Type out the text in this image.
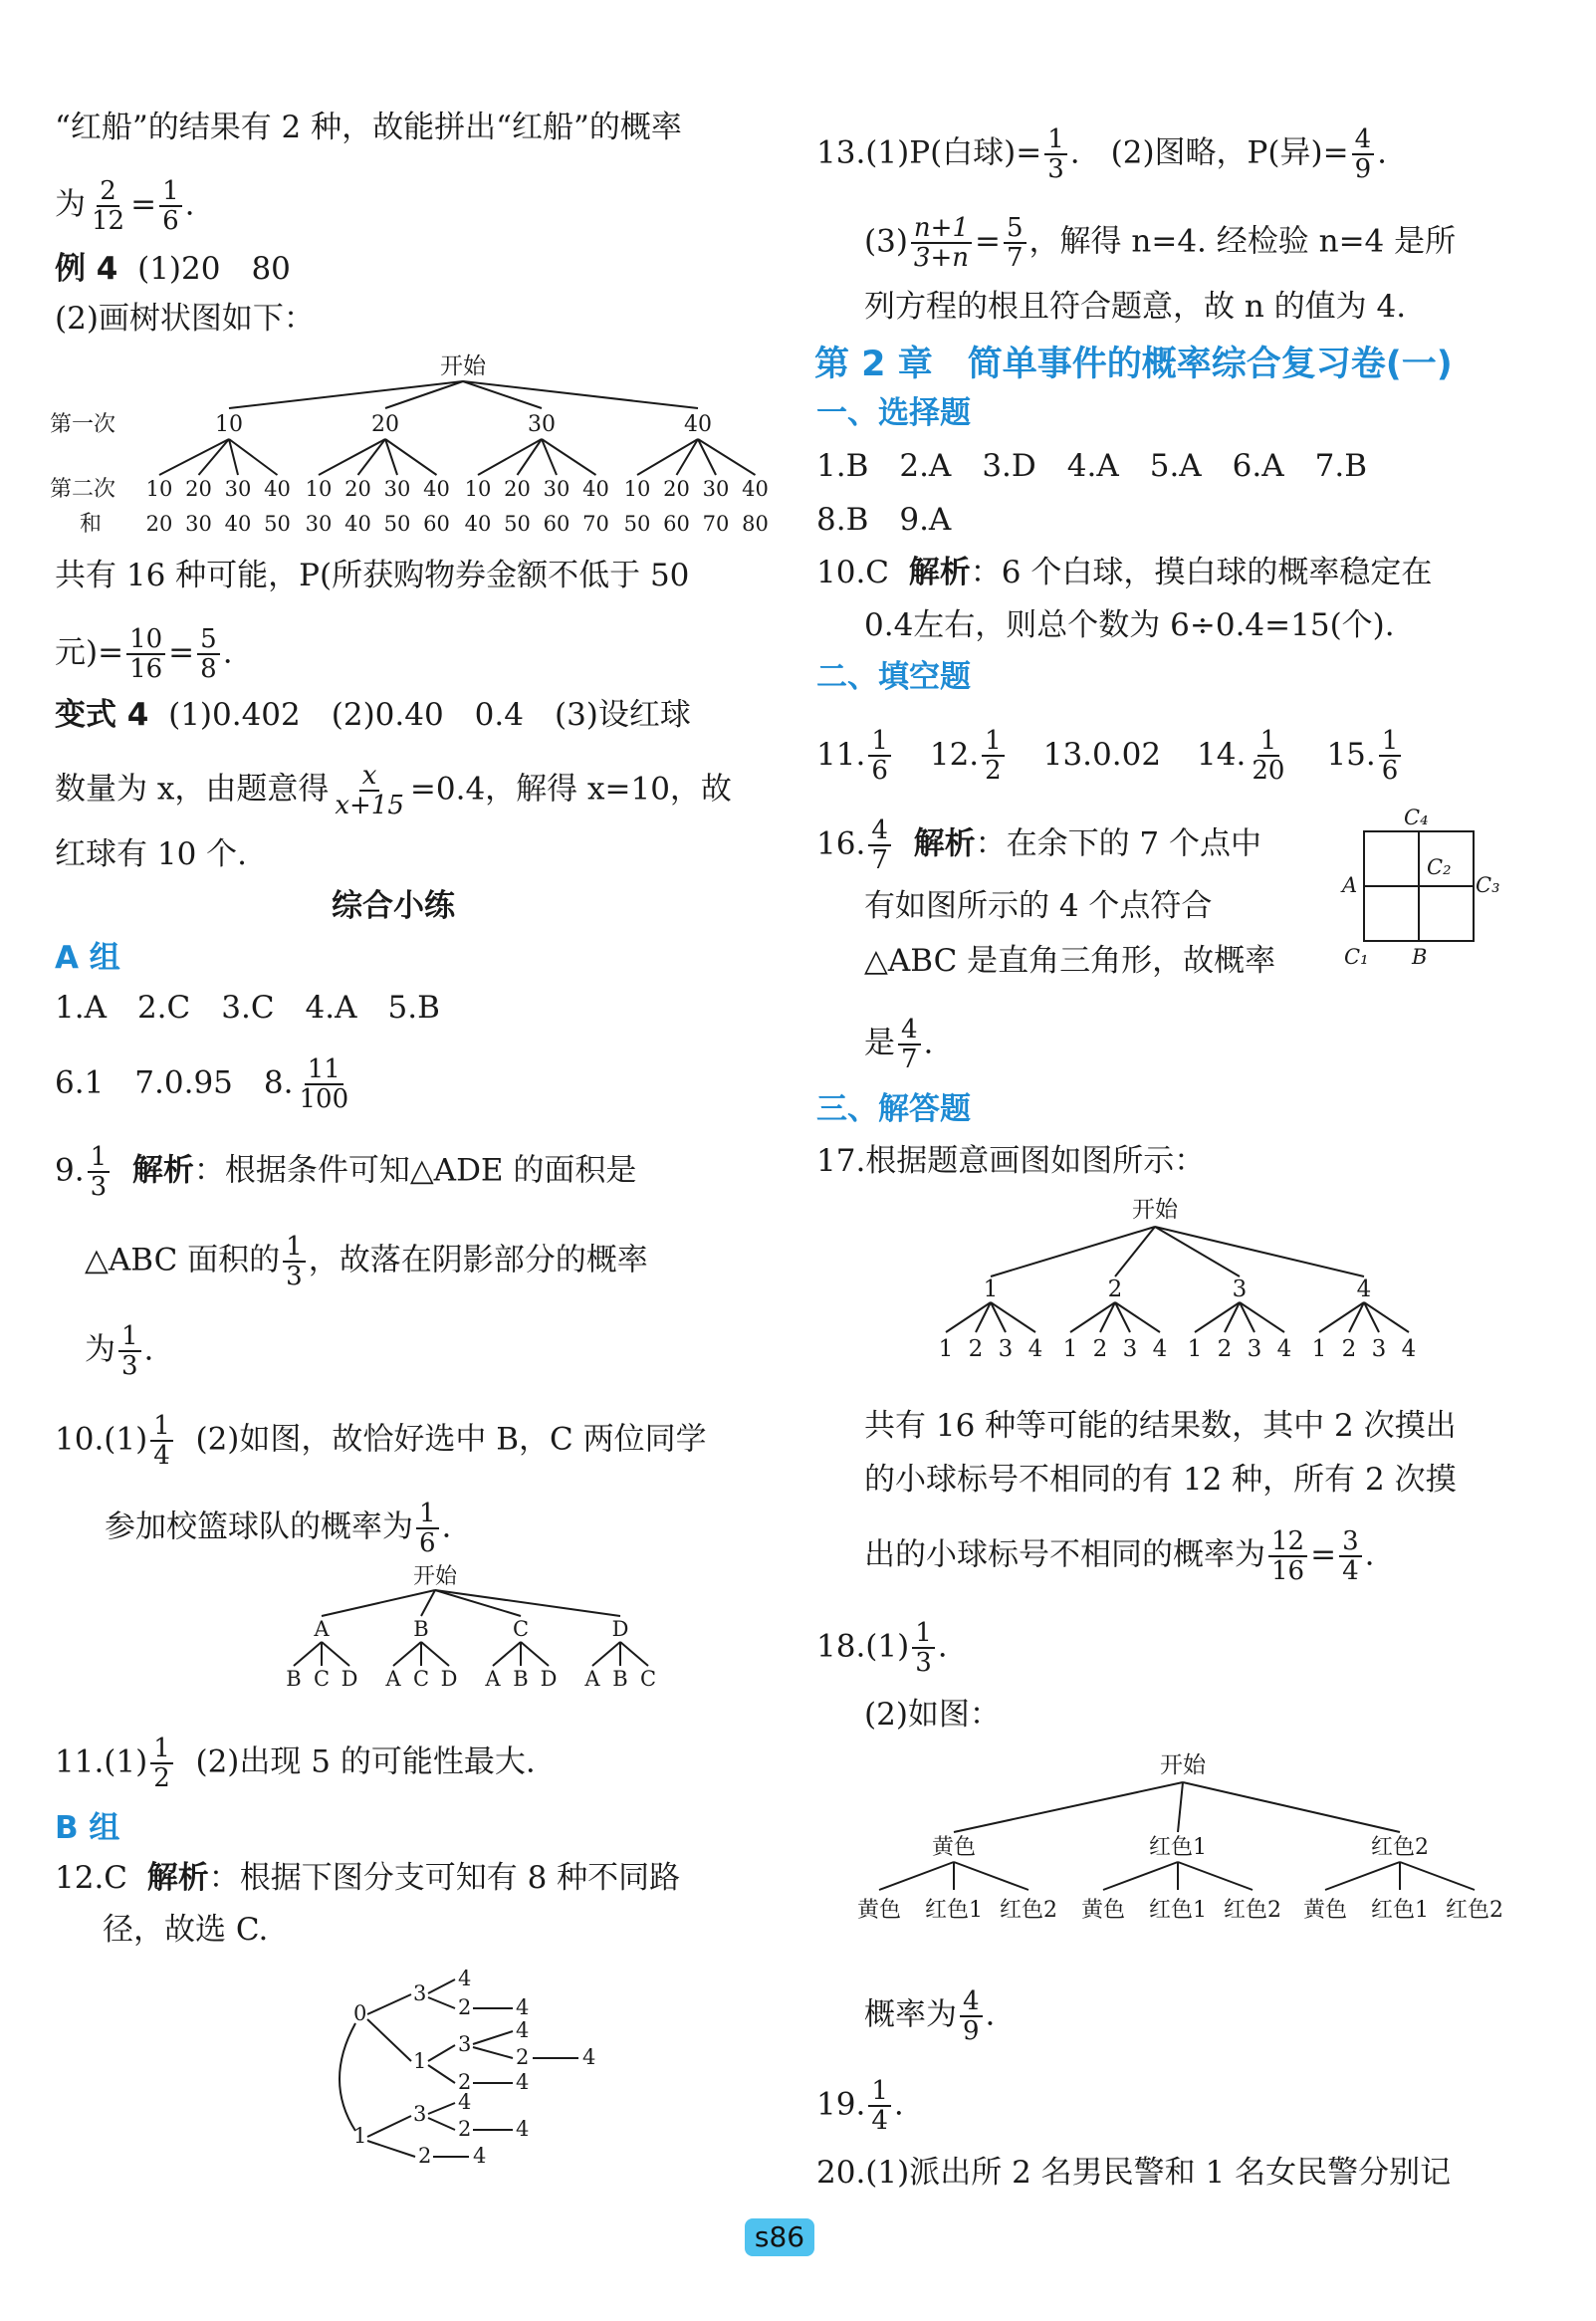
“红船”的结果有 2 种，故能拼出“红船”的概率
为 $\frac{2}{12} = \frac{1}{6}$ .
例 4 (1)20　80
(2)画树状图如下：
开始
第一次	10	20	30	40
第二次
和
10 20 30 40 10 20 30 40 10 20 30 40 10 20 30 40
20 30 40 50 30 40 50 60 40 50 60 70 50 60 70 80
共有 16 种可能，P(所获购物券金额不低于 50
元)= $\frac{10}{16} = \frac{5}{8}$ .
变式 4 (1)0.402　(2)0.40　0.4　(3)设红球
数量为 x，由题意得 $\frac{x}{x+15} =0.4$，解得 x=10，故
红球有 10 个.
综合小练
A 组
1.A　2.C　3.C　4.A　5.B
6.1　7.0.95　8. $\frac{11}{100}$
9. $\frac{1}{3}$ 解析：根据条件可知△ADE 的面积是
△ABC 面积的 $\frac{1}{3}$ ，故落在阴影部分的概率
为 $\frac{1}{3}$ .
$10.(1) \frac{1}{4} (2)$如图，故恰好选中 B，C 两位同学
参加校篮球队的概率为 $\frac{1}{6}$ .
开始
A
B C D
B
A C D
C
A B D
D
A B C
$11.(1) \frac{1}{2} (2)$出现 5 的可能性最大.
B 组
12.C 解析：根据下图分支可知有 8 种不同路
径，故选 C.
0
1
3
4
2 4
1
3
4
2	4
2 4
3 4
2 4
2 4
13.(1)P(白球)= $\frac{1}{3}$ .　(2)图略，P(异)= $\frac{4}{9}$ .
$(3) \frac{n+1}{3+n} = \frac{5}{7}$ ，解得 n=4. 经检验 n=4 是所
列方程的根且符合题意，故 n 的值为 4.
第 2 章　简单事件的概率综合复习卷(一)
一、选择题
1.B　2.A　3.D　4.A　5.A　6.A　7.B
8.B　9.A
10.C 解析：6 个白球，摸白球的概率稳定在
0.4左右，则总个数为 6÷0.4=15(个).
二、填空题
11. $\frac{1}{6} 12$. $\frac{1}{2} 13.0.02$ 14. $\frac{1}{20} 15$. $\frac{1}{6}$
16. $\frac{4}{7}$ 解析：在余下的 7 个点中
有如图所示的 4 个点符合
△ABC 是直角三角形，故概率
是 $\frac{4}{7}$ .
C₄
C₂
C₃
A
C₁ B
三、解答题
17.根据题意画图如图所示：
开始
1
1 2 3 4
2
1 2 3 4
3
1 2 3 4
4
1 2 3 4
共有 16 种等可能的结果数，其中 2 次摸出
的小球标号不相同的有 12 种，所有 2 次摸
出的小球标号不相同的概率为 $\frac{12}{16} = \frac{3}{4}$ .
$18.(1) \frac{1}{3}$ .
(2)如图：
开始
黄色
黄色 红色1 红色2
红色1
黄色 红色1 红色2
红色2
黄色 红色1 红色2
概率为 $\frac{4}{9}$ .
19. $\frac{1}{4}$ .
20.(1)派出所 2 名男民警和 1 名女民警分别记
s86
